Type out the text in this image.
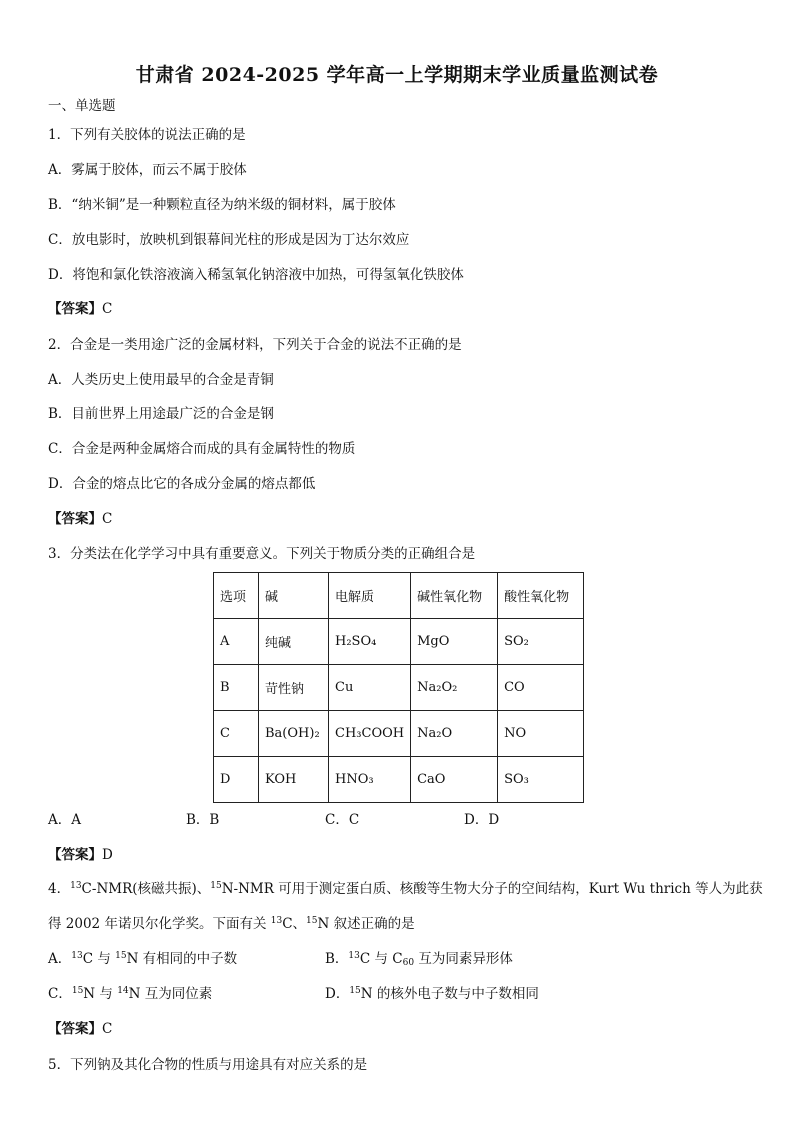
甘肃省 2024-2025 学年高一上学期期末学业质量监测试卷
一、单选题
1．下列有关胶体的说法正确的是
A．雾属于胶体，而云不属于胶体
B．“纳米铜”是一种颗粒直径为纳米级的铜材料，属于胶体
C．放电影时，放映机到银幕间光柱的形成是因为丁达尔效应
D．将饱和氯化铁溶液滴入稀氢氧化钠溶液中加热，可得氢氧化铁胶体
【答案】C
2．合金是一类用途广泛的金属材料，下列关于合金的说法不正确的是
A．人类历史上使用最早的合金是青铜
B．目前世界上用途最广泛的合金是钢
C．合金是两种金属熔合而成的具有金属特性的物质
D．合金的熔点比它的各成分金属的熔点都低
【答案】C
3．分类法在化学学习中具有重要意义。下列关于物质分类的正确组合是
选项	碱	电解质	碱性氧化物	酸性氧化物
A	纯碱	H₂SO₄	MgO	SO₂
B	苛性钠	Cu	Na₂O₂	CO
C	Ba(OH)₂	CH₃COOH	Na₂O	NO
D	KOH	HNO₃	CaO	SO₃
A．A	B．B	C．C	D．D
【答案】D
4．$^{13}$C-NMR(核磁共振)、$^{15}$N-NMR 可用于测定蛋白质、核酸等生物大分子的空间结构，Kurt Wu thrich 等人为此获
得 2002 年诺贝尔化学奖。下面有关 $^{13}$C、$^{15}$N 叙述正确的是
A．$^{13}$C 与 $^{15}$N 有相同的中子数	B．$^{13}$C 与 $C_{60}$ 互为同素异形体
C．$^{15}$N 与 $^{14}$N 互为同位素	D．$^{15}$N 的核外电子数与中子数相同
【答案】C
5．下列钠及其化合物的性质与用途具有对应关系的是
